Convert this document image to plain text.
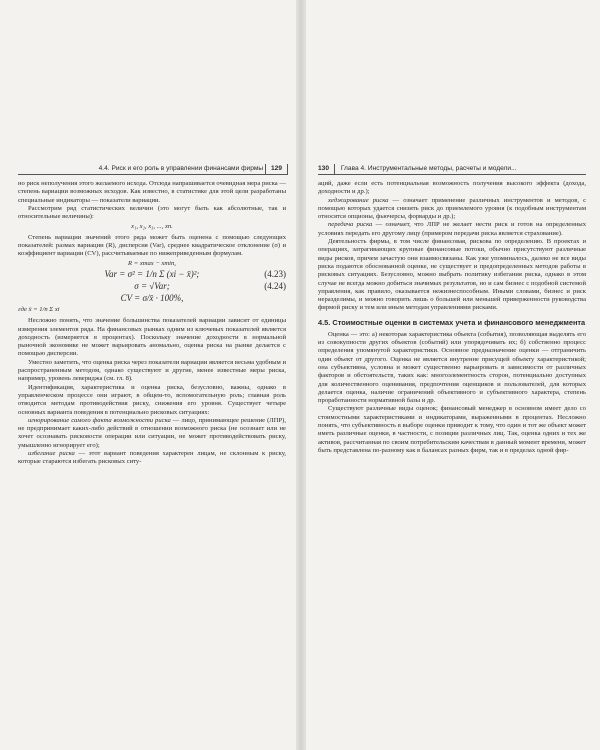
4.4. Риск и его роль в управлении финансами фирмы 129

но риск неполучения этого желаемого исхода. Отсюда напрашивается очевидная мера риска — степень вариации возможных исходов. Как известно, в статистике для этой цели разработаны специальные индикаторы — показатели вариации.

Рассмотрим ряд статистических величин (это могут быть как абсолютные, так и относительные величины):

x₁, x₂, x₃, ..., xn.

Степень вариации значений этого ряда может быть оценена с помощью следующих показателей: размах вариации (R), дисперсия (Var), среднее квадратическое отклонение (σ) и коэффициент вариации (CV), рассчитываемые по нижеприведенным формулам.

R = xmax − xmin,
Var = σ² = 1/n Σ (xi − x̄)²;	(4.23)
σ = √Var;	(4.24)
CV = σ/x̄ · 100%,

где x̄ = 1/n Σ xi

Несложно понять, что значение большинства показателей вариации зависит от единицы измерения элементов ряда. На финансовых рынках одним из ключевых показателей является доходность (измеряется в процентах). Поскольку значение доходности в нормальной рыночной экономике не может варьировать аномально, оценка риска на рынке делается с помощью дисперсии.

Уместно заметить, что оценка риска через показатели вариации является весьма удобным и распространенным методом, однако существуют и другие, менее известные меры риска, например, уровень левериджа (см. гл. 8).

Идентификация, характеристика и оценка риска, безусловно, важны, однако в управленческом процессе они играют, в общем-то, вспомогательную роль; главная роль отводится методам противодействия риску, снижения его уровня. Существует четыре основных варианта поведения в потенциально рисковых ситуациях:

игнорирование самого факта возможности риска — лицо, принимающее решение (ЛПР), не предпринимает каких-либо действий в отношении возможного риска (не осознает или не хочет осознавать рисковости операции или ситуации, не может противодействовать риску, умышленно игнорирует его);

избегание риска — этот вариант поведения характерен лицам, не склонным к риску, которые стараются избегать рисковых ситу-

130 Глава 4. Инструментальные методы, расчеты и модели...

аций, даже если есть потенциальная возможность получения высокого эффекта (дохода, доходности и др.);

хеджирование риска — означает применение различных инструментов и методов, с помощью которых удается снизить риск до приемлемого уровня (к подобным инструментам относятся опционы, фьючерсы, форварды и др.);

передача риска — означает, что ЛПР не желает нести риск и готов на определенных условиях передать его другому лицу (примером передачи риска является страхование).

Деятельность фирмы, в том числе финансовая, рискова по определению. В проектах и операциях, затрагивающих крупные финансовые потоки, обычно присутствуют различные виды рисков, причем зачастую они взаимосвязаны. Как уже упоминалось, далеко не все виды риска подаются обоснованной оценке, не существует и предопределенных методов работы в рисковых ситуациях. Безусловно, можно выбрать политику избегания риска, однако в этом случае не всегда можно добиться значимых результатов, но и сам бизнес с подобной системой управления, как правило, оказывается нежизнеспособным. Иными словами, бизнес и риск неразделимы, и можно говорить лишь о большей или меньшей приверженности руководства фирмой риску и тем или иным методам управлениями рисками.

4.5. Стоимостные оценки в системах учета и финансового менеджмента

Оценка — это: а) некоторая характеристика объекта (события), позволяющая выделять его из совокупности других объектов (событий) или упорядочивать их; б) собственно процесс определения упомянутой характеристики. Основное предназначение оценки — отграничить один объект от другого. Оценка не является внутренне присущей объекту характеристикой; она субъективна, условна и может существенно варьировать в зависимости от различных факторов и обстоятельств, таких как: многоэлементность сторон, потенциально доступных для количественного оценивания, предпочтения оценщиков и пользователей, для которых делается оценка, наличие ограничений объективного и субъективного характера, степень проработанности нормативной базы и др.

Существуют различные виды оценок; финансовый менеджер в основном имеет дело со стоимостными характеристиками и индикаторами, выраженными в процентах. Несложно понять, что субъективность в выборе оценки приводит к тому, что один и тот же объект может иметь различные оценки, в частности, с позиции различных лиц. Так, оценка одних и тех же активов, рассчитанная по своим потребительским качествам в данный момент времени, может быть представлена по-разному как в балансах разных фирм, так и в пределах одной фир-
